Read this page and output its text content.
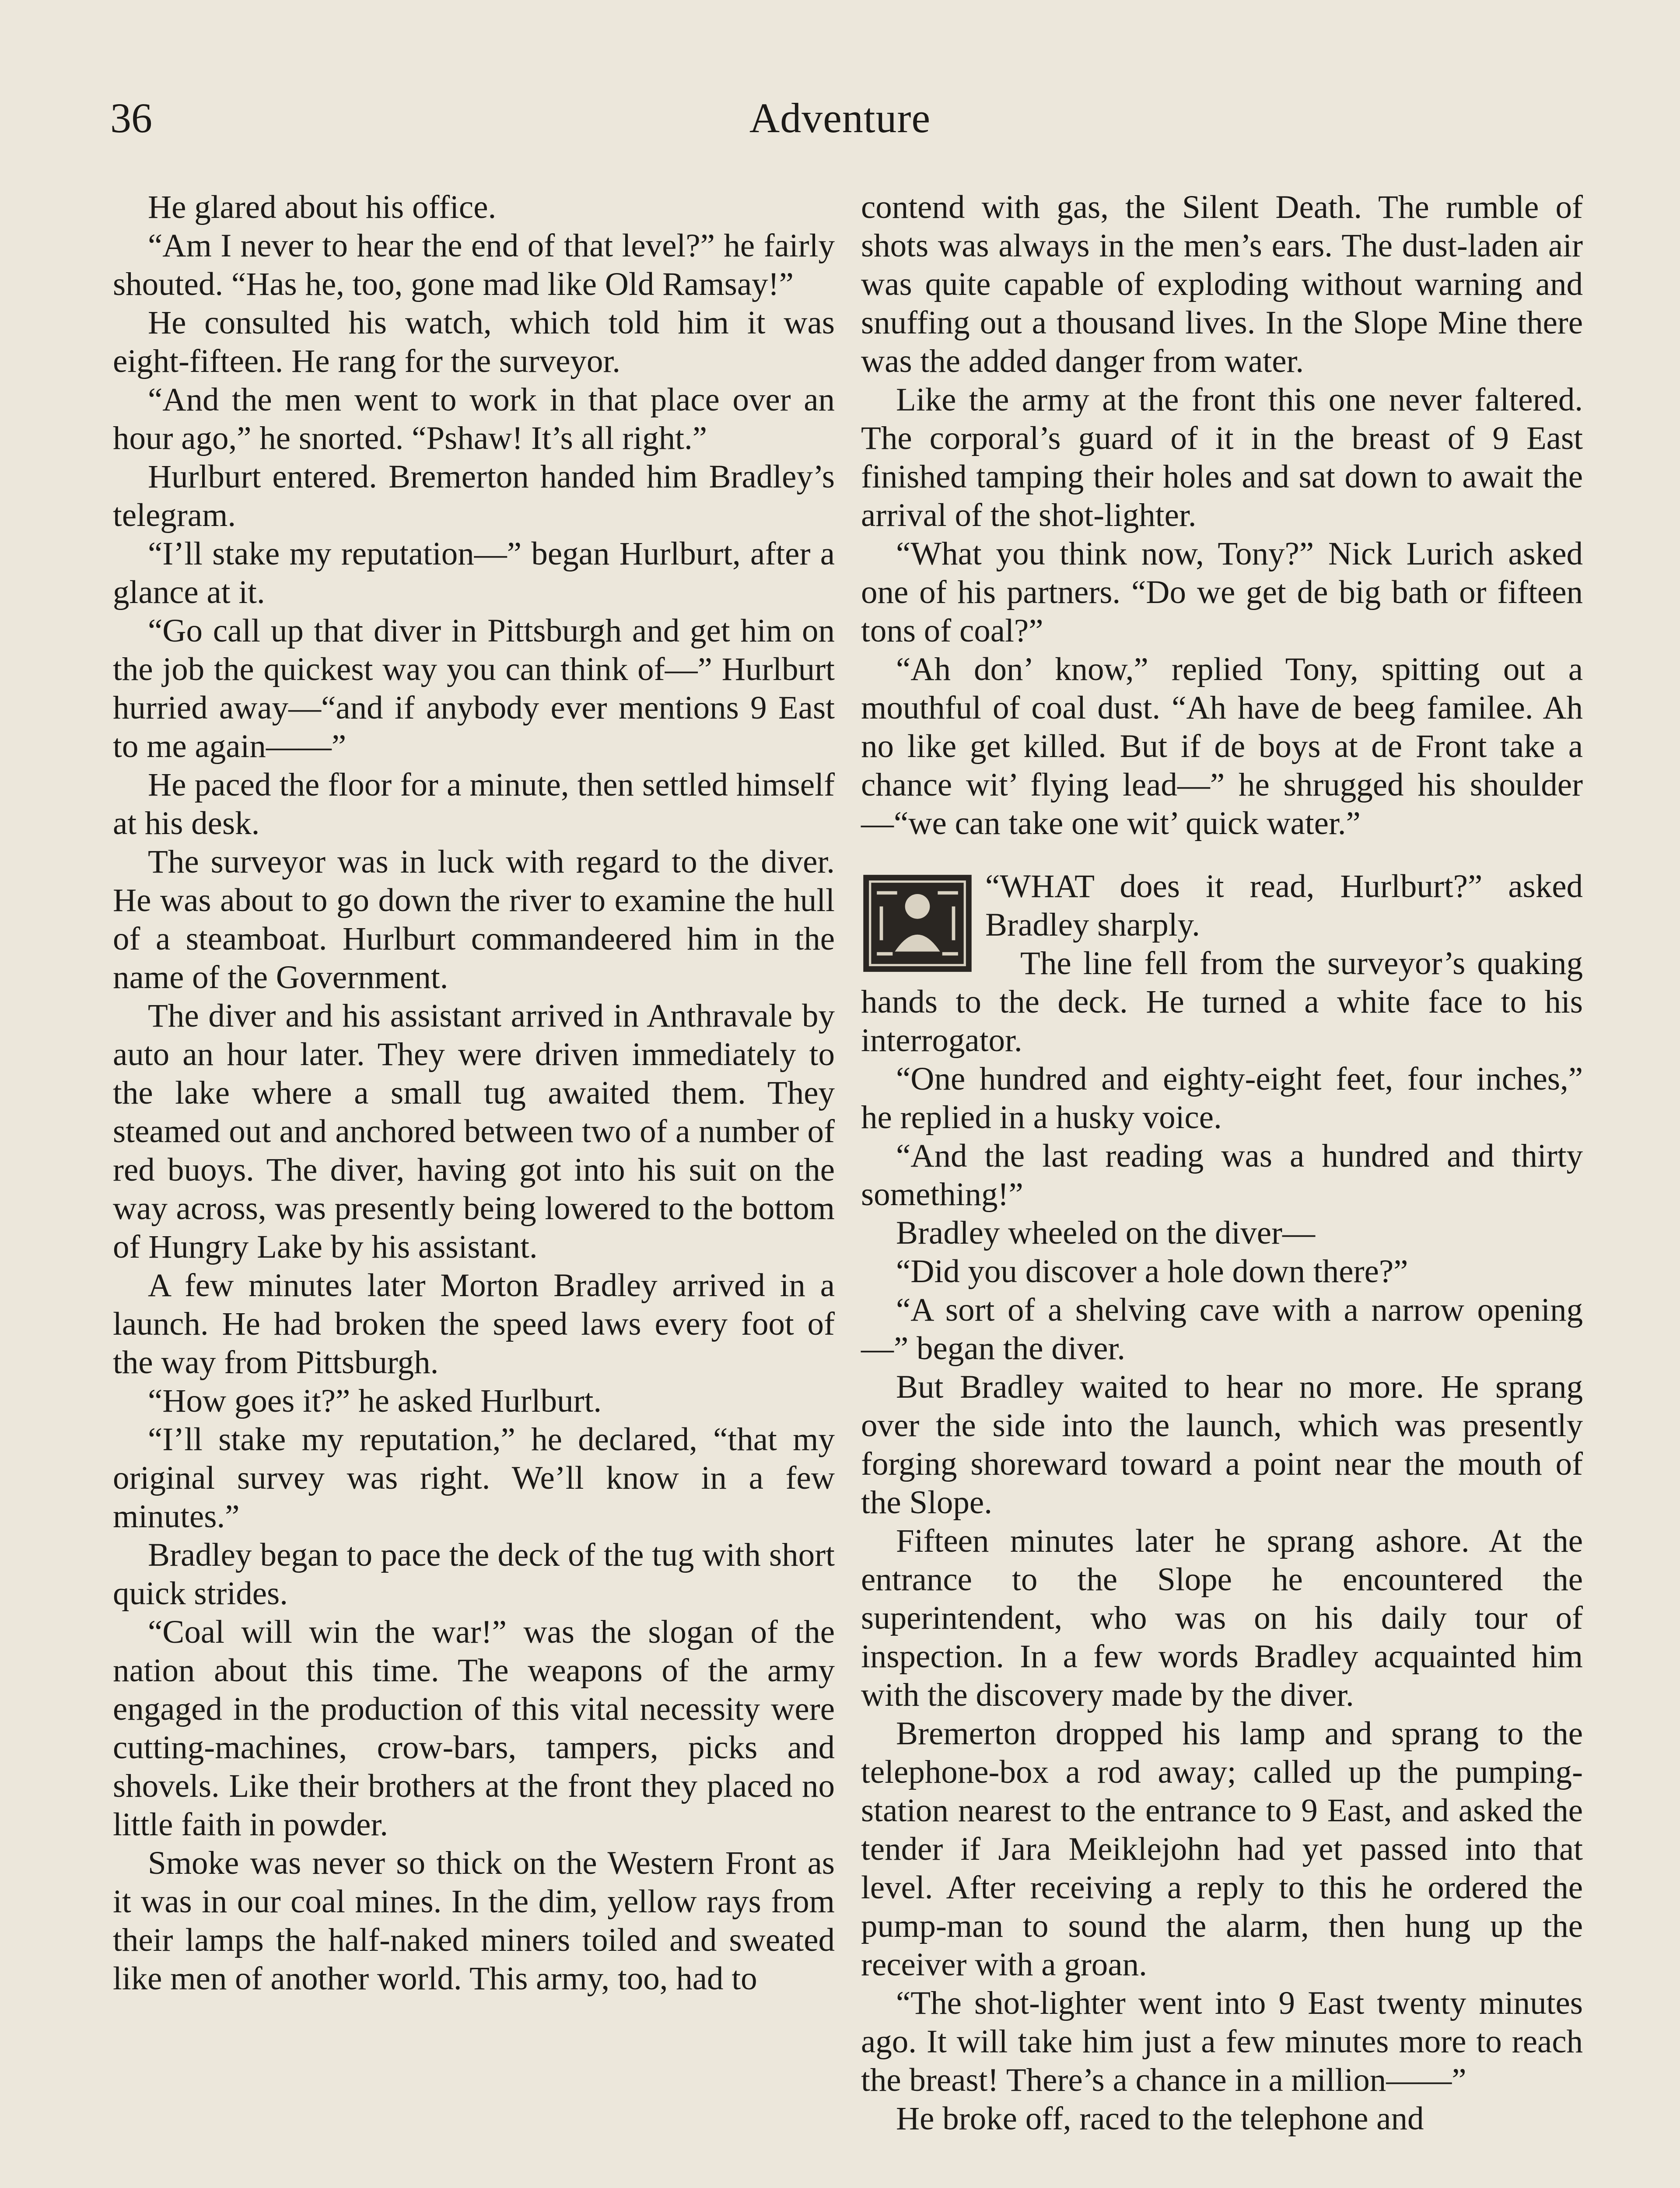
36	Adventure

He glared about his office.

“Am I never to hear the end of that level?” he fairly shouted. “Has he, too, gone mad like Old Ramsay!”

He consulted his watch, which told him it was eight-fifteen. He rang for the surveyor.

“And the men went to work in that place over an hour ago,” he snorted. “Pshaw! It’s all right.”

Hurlburt entered. Bremerton handed him Bradley’s telegram.

“I’ll stake my reputation—” began Hurlburt, after a glance at it.

“Go call up that diver in Pittsburgh and get him on the job the quickest way you can think of—” Hurlburt hurried away—“and if anybody ever mentions 9 East to me again——”

He paced the floor for a minute, then settled himself at his desk.

The surveyor was in luck with regard to the diver. He was about to go down the river to examine the hull of a steamboat. Hurlburt commandeered him in the name of the Government.

The diver and his assistant arrived in Anthravale by auto an hour later. They were driven immediately to the lake where a small tug awaited them. They steamed out and anchored between two of a number of red buoys. The diver, having got into his suit on the way across, was presently being lowered to the bottom of Hungry Lake by his assistant.

A few minutes later Morton Bradley arrived in a launch. He had broken the speed laws every foot of the way from Pittsburgh.

“How goes it?” he asked Hurlburt.

“I’ll stake my reputation,” he declared, “that my original survey was right. We’ll know in a few minutes.”

Bradley began to pace the deck of the tug with short quick strides.

“Coal will win the war!” was the slogan of the nation about this time. The weapons of the army engaged in the production of this vital necessity were cutting-machines, crow-bars, tampers, picks and shovels. Like their brothers at the front they placed no little faith in powder.

Smoke was never so thick on the Western Front as it was in our coal mines. In the dim, yellow rays from their lamps the half-naked miners toiled and sweated like men of another world. This army, too, had to

contend with gas, the Silent Death. The rumble of shots was always in the men’s ears. The dust-laden air was quite capable of exploding without warning and snuffing out a thousand lives. In the Slope Mine there was the added danger from water.

Like the army at the front this one never faltered. The corporal’s guard of it in the breast of 9 East finished tamping their holes and sat down to await the arrival of the shot-lighter.

“What you think now, Tony?” Nick Lurich asked one of his partners. “Do we get de big bath or fifteen tons of coal?”

“Ah don’ know,” replied Tony, spitting out a mouthful of coal dust. “Ah have de beeg familee. Ah no like get killed. But if de boys at de Front take a chance wit’ flying lead—” he shrugged his shoulder—“we can take one wit’ quick water.”

“WHAT does it read, Hurlburt?” asked Bradley sharply.

The line fell from the surveyor’s quaking hands to the deck. He turned a white face to his interrogator.

“One hundred and eighty-eight feet, four inches,” he replied in a husky voice.

“And the last reading was a hundred and thirty something!”

Bradley wheeled on the diver—

“Did you discover a hole down there?”

“A sort of a shelving cave with a narrow opening—” began the diver.

But Bradley waited to hear no more. He sprang over the side into the launch, which was presently forging shoreward toward a point near the mouth of the Slope.

Fifteen minutes later he sprang ashore. At the entrance to the Slope he encountered the superintendent, who was on his daily tour of inspection. In a few words Bradley acquainted him with the discovery made by the diver.

Bremerton dropped his lamp and sprang to the telephone-box a rod away; called up the pumping-station nearest to the entrance to 9 East, and asked the tender if Jara Meiklejohn had yet passed into that level. After receiving a reply to this he ordered the pump-man to sound the alarm, then hung up the receiver with a groan.

“The shot-lighter went into 9 East twenty minutes ago. It will take him just a few minutes more to reach the breast! There’s a chance in a million——”

He broke off, raced to the telephone and
